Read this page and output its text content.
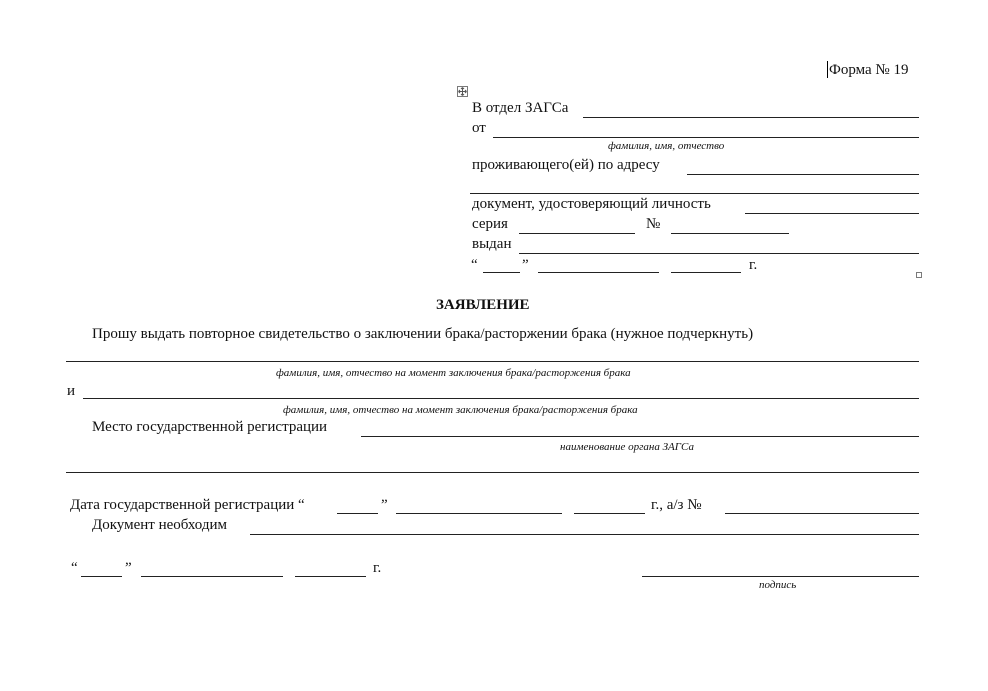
Форма № 19
В отдел ЗАГСа
от
фамилия, имя, отчество
проживающего(ей) по адресу
документ, удостоверяющий личность
серия	№
выдан
“	”	г.
ЗАЯВЛЕНИЕ
Прошу выдать повторное свидетельство о заключении брака/расторжении брака (нужное подчеркнуть)
фамилия, имя, отчество на момент заключения брака/расторжения брака
и
фамилия, имя, отчество на момент заключения брака/расторжения брака
Место государственной регистрации
наименование органа ЗАГСа
Дата государственной регистрации “	”	г., а/з №
Документ необходим
“	”	г.
подпись
